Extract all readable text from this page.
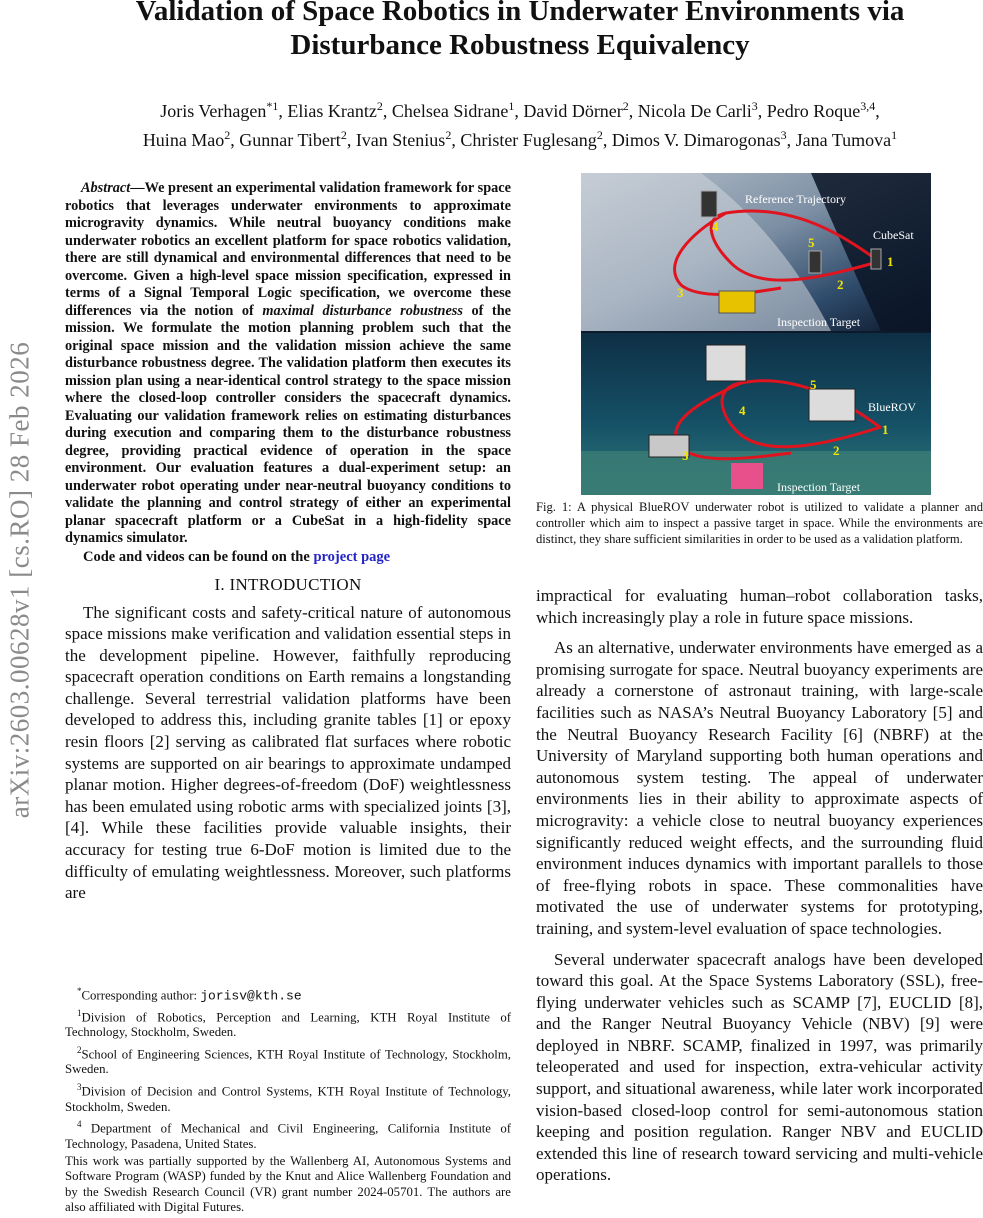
arXiv:2603.00628v1 [cs.RO] 28 Feb 2026
Validation of Space Robotics in Underwater Environments via Disturbance Robustness Equivalency
Joris Verhagen$^{*1}$, Elias Krantz$^2$, Chelsea Sidrane$^1$, David Dörner$^2$, Nicola De Carli$^3$, Pedro Roque$^{3,4}$,
Huina Mao$^2$, Gunnar Tibert$^2$, Ivan Stenius$^2$, Christer Fuglesang$^2$, Dimos V. Dimarogonas$^3$, Jana Tumova$^1$
Abstract—We present an experimental validation framework for space robotics that leverages underwater environments to approximate microgravity dynamics. While neutral buoyancy conditions make underwater robotics an excellent platform for space robotics validation, there are still dynamical and environmental differences that need to be overcome. Given a high-level space mission specification, expressed in terms of a Signal Temporal Logic specification, we overcome these differences via the notion of maximal disturbance robustness of the mission. We formulate the motion planning problem such that the original space mission and the validation mission achieve the same disturbance robustness degree. The validation platform then executes its mission plan using a near-identical control strategy to the space mission where the closed-loop controller considers the spacecraft dynamics. Evaluating our validation framework relies on estimating disturbances during execution and comparing them to the disturbance robustness degree, providing practical evidence of operation in the space environment. Our evaluation features a dual-experiment setup: an underwater robot operating under near-neutral buoyancy conditions to validate the planning and control strategy of either an experimental planar spacecraft platform or a CubeSat in a high-fidelity space dynamics simulator.
Code and videos can be found on the project page
I. INTRODUCTION

The significant costs and safety-critical nature of autonomous space missions make verification and validation essential steps in the development pipeline. However, faithfully reproducing spacecraft operation conditions on Earth remains a longstanding challenge. Several terrestrial validation platforms have been developed to address this, including granite tables [1] or epoxy resin floors [2] serving as calibrated flat surfaces where robotic systems are supported on air bearings to approximate undamped planar motion. Higher degrees-of-freedom (DoF) weightlessness has been emulated using robotic arms with specialized joints [3], [4]. While these facilities provide valuable insights, their accuracy for testing true 6-DoF motion is limited due to the difficulty of emulating weightlessness. Moreover, such platforms are

*Corresponding author: jorisv@kth.se

$^1$Division of Robotics, Perception and Learning, KTH Royal Institute of Technology, Stockholm, Sweden.

$^2$School of Engineering Sciences, KTH Royal Institute of Technology, Stockholm, Sweden.

$^3$Division of Decision and Control Systems, KTH Royal Institute of Technology, Stockholm, Sweden.

$^4$ Department of Mechanical and Civil Engineering, California Institute of Technology, Pasadena, United States.

This work was partially supported by the Wallenberg AI, Autonomous Systems and Software Program (WASP) funded by the Knut and Alice Wallenberg Foundation and by the Swedish Research Council (VR) grant number 2024-05701. The authors are also affiliated with Digital Futures.

Reference Trajectory
CubeSat
Inspection Target
1
2
3
4
5
BlueROV
Inspection Target
1
2
3
4
5
Fig. 1: A physical BlueROV underwater robot is utilized to validate a planner and controller which aim to inspect a passive target in space. While the environments are distinct, they share sufficient similarities in order to be used as a validation platform.

impractical for evaluating human–robot collaboration tasks, which increasingly play a role in future space missions.

As an alternative, underwater environments have emerged as a promising surrogate for space. Neutral buoyancy experiments are already a cornerstone of astronaut training, with large-scale facilities such as NASA’s Neutral Buoyancy Laboratory [5] and the Neutral Buoyancy Research Facility [6] (NBRF) at the University of Maryland supporting both human operations and autonomous system testing. The appeal of underwater environments lies in their ability to approximate aspects of microgravity: a vehicle close to neutral buoyancy experiences significantly reduced weight effects, and the surrounding fluid environment induces dynamics with important parallels to those of free-flying robots in space. These commonalities have motivated the use of underwater systems for prototyping, training, and system-level evaluation of space technologies.

Several underwater spacecraft analogs have been developed toward this goal. At the Space Systems Laboratory (SSL), free-flying underwater vehicles such as SCAMP [7], EUCLID [8], and the Ranger Neutral Buoyancy Vehicle (NBV) [9] were deployed in NBRF. SCAMP, finalized in 1997, was primarily teleoperated and used for inspection, extra-vehicular activity support, and situational awareness, while later work incorporated vision-based closed-loop control for semi-autonomous station keeping and position regulation. Ranger NBV and EUCLID extended this line of research toward servicing and multi-vehicle operations.
